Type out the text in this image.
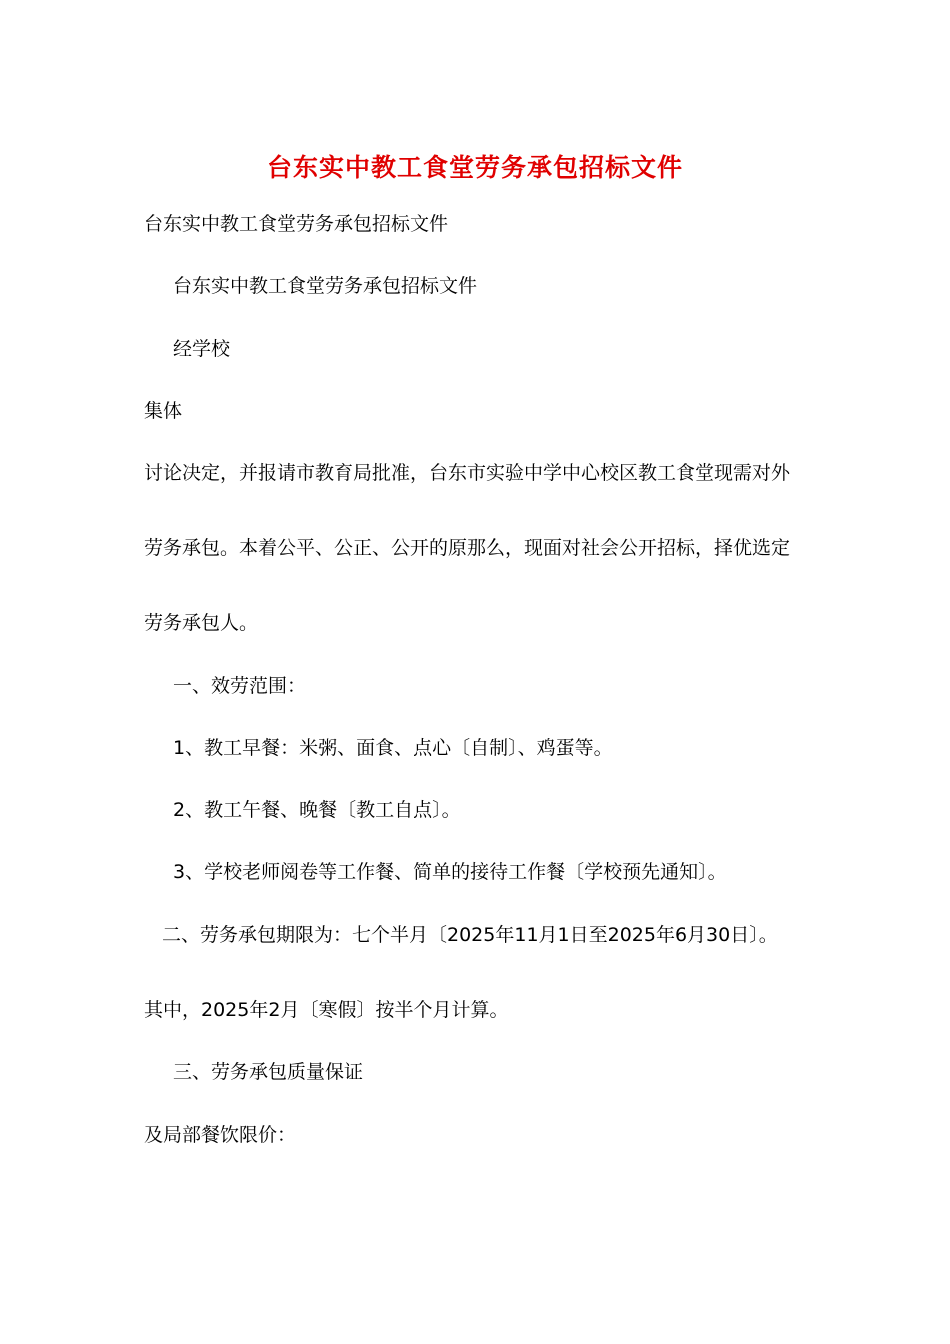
台东实中教工食堂劳务承包招标文件
台东实中教工食堂劳务承包招标文件
台东实中教工食堂劳务承包招标文件
经学校
集体
讨论决定，并报请市教育局批准，台东市实验中学中心校区教工食堂现需对外
劳务承包。本着公平、公正、公开的原那么，现面对社会公开招标，择优选定
劳务承包人。
一、效劳范围：
1、教工早餐：米粥、面食、点心〔自制〕、鸡蛋等。
2、教工午餐、晚餐〔教工自点〕。
3、学校老师阅卷等工作餐、简单的接待工作餐〔学校预先通知〕。
二、劳务承包期限为：七个半月〔2025年11月1日至2025年6月30日〕。
其中，2025年2月〔寒假〕按半个月计算。
三、劳务承包质量保证
及局部餐饮限价：
